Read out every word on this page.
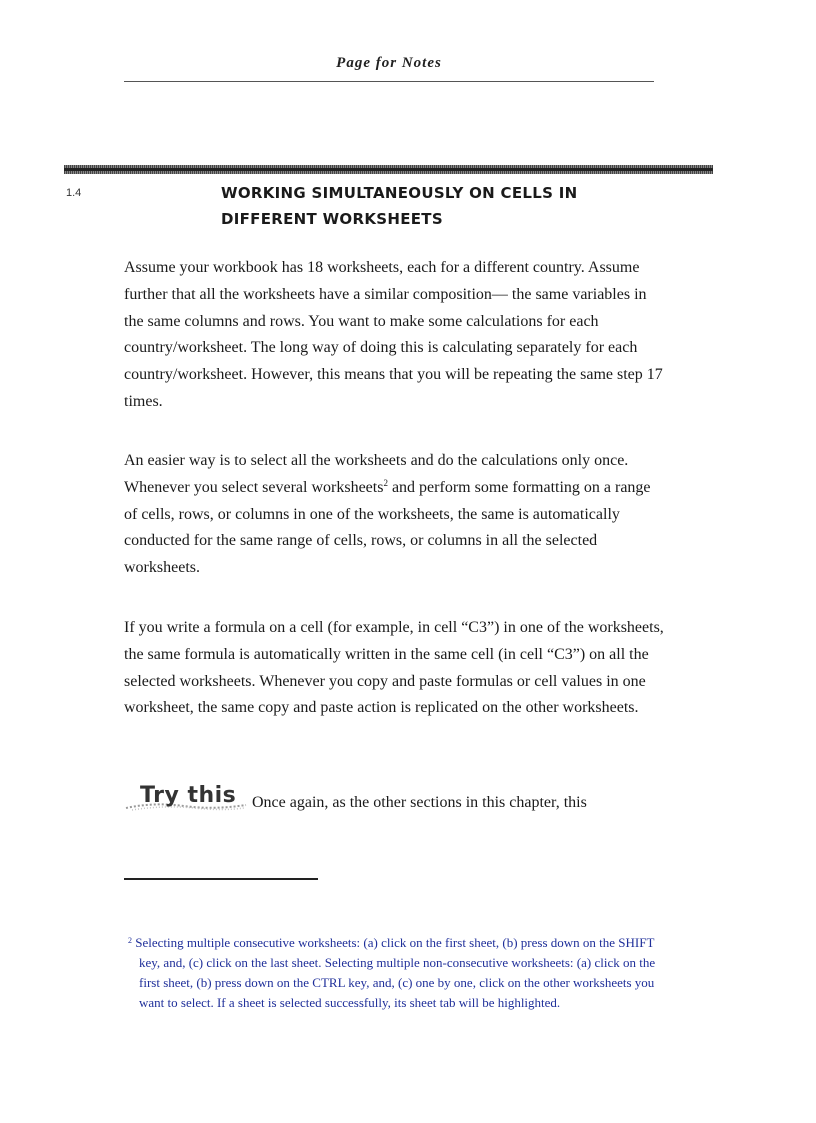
Page for Notes
1.4	WORKING SIMULTANEOUSLY ON CELLS IN
DIFFERENT WORKSHEETS

Assume your workbook has 18 worksheets, each for a different country. Assume further that all the worksheets have a similar composition— the same variables in the same columns and rows. You want to make some calculations for each country/worksheet. The long way of doing this is calculating separately for each country/worksheet. However, this means that you will be repeating the same step 17 times.

An easier way is to select all the worksheets and do the calculations only once. Whenever you select several worksheets$^2$ and perform some formatting on a range of cells, rows, or columns in one of the worksheets, the same is automatically conducted for the same range of cells, rows, or columns in all the selected worksheets.

If you write a formula on a cell (for example, in cell “C3”) in one of the worksheets, the same formula is automatically written in the same cell (in cell “C3”) on all the selected worksheets. Whenever you copy and paste formulas or cell values in one worksheet, the same copy and paste action is replicated on the other worksheets.

Try this Once again, as the other sections in this chapter, this

$^2$ Selecting multiple consecutive worksheets: (a) click on the first sheet, (b) press down on the SHIFT key, and, (c) click on the last sheet. Selecting multiple non-consecutive worksheets: (a) click on the first sheet, (b) press down on the CTRL key, and, (c) one by one, click on the other worksheets you want to select. If a sheet is selected successfully, its sheet tab will be highlighted.
